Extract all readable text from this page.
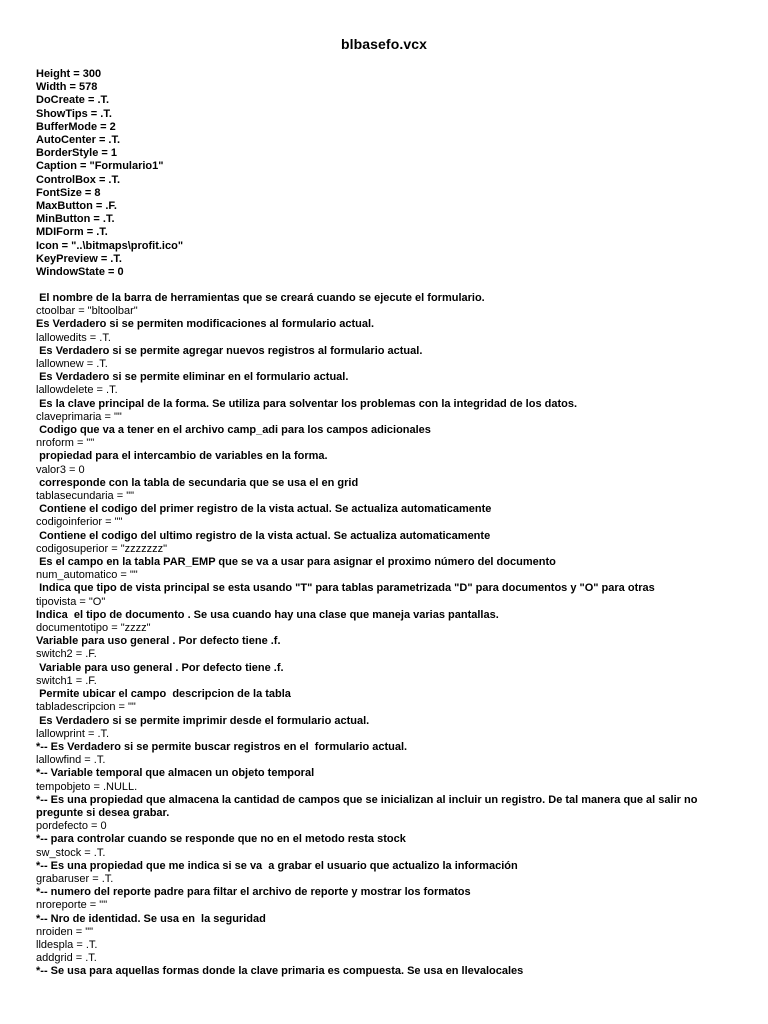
blbasefo.vcx
Height = 300
Width = 578
DoCreate = .T.
ShowTips = .T.
BufferMode = 2
AutoCenter = .T.
BorderStyle = 1
Caption = "Formulario1"
ControlBox = .T.
FontSize = 8
MaxButton = .F.
MinButton = .T.
MDIForm = .T.
Icon = "..\bitmaps\profit.ico"
KeyPreview = .T.
WindowState = 0
El nombre de la barra de herramientas que se creará cuando se ejecute el formulario.
ctoolbar = "bltoolbar"
Es Verdadero si se permiten modificaciones al formulario actual.
lallowedits = .T.
Es Verdadero si se permite agregar nuevos registros al formulario actual.
lallownew = .T.
Es Verdadero si se permite eliminar en el formulario actual.
lallowdelete = .T.
Es la clave principal de la forma. Se utiliza para solventar los problemas con la integridad de los datos.
claveprimaria = ""
Codigo que va a tener en el archivo camp_adi para los campos adicionales
nroform = ""
propiedad para el intercambio de variables en la forma.
valor3 = 0
corresponde con la tabla de secundaria que se usa el en grid
tablasecundaria = ""
Contiene el codigo del primer registro de la vista actual. Se actualiza automaticamente
codigoinferior = ""
Contiene el codigo del ultimo registro de la vista actual. Se actualiza automaticamente
codigosuperior = "zzzzzzz"
Es el campo en la tabla PAR_EMP que se va a usar para asignar el proximo número del documento
num_automatico = ""
Indica que tipo de vista principal se esta usando "T" para tablas parametrizada "D" para documentos y "O" para otras
tipovista = "O"
Indica  el tipo de documento . Se usa cuando hay una clase que maneja varias pantallas.
documentotipo = "zzzz"
Variable para uso general . Por defecto tiene .f.
switch2 = .F.
Variable para uso general . Por defecto tiene .f.
switch1 = .F.
Permite ubicar el campo  descripcion de la tabla
tabladescripcion = ""
Es Verdadero si se permite imprimir desde el formulario actual.
lallowprint = .T.
*-- Es Verdadero si se permite buscar registros en el  formulario actual.
lallowfind = .T.
*-- Variable temporal que almacen un objeto temporal
tempobjeto = .NULL.
*-- Es una propiedad que almacena la cantidad de campos que se inicializan al incluir un registro. De tal manera que al salir no pregunte si desea grabar.
pordefecto = 0
*-- para controlar cuando se responde que no en el metodo resta stock
sw_stock = .T.
*-- Es una propiedad que me indica si se va  a grabar el usuario que actualizo la información
grabaruser = .T.
*-- numero del reporte padre para filtar el archivo de reporte y mostrar los formatos
nroreporte = ""
*-- Nro de identidad. Se usa en  la seguridad
nroiden = ""
lldespla = .T.
addgrid = .T.
*-- Se usa para aquellas formas donde la clave primaria es compuesta. Se usa en llevalocales
